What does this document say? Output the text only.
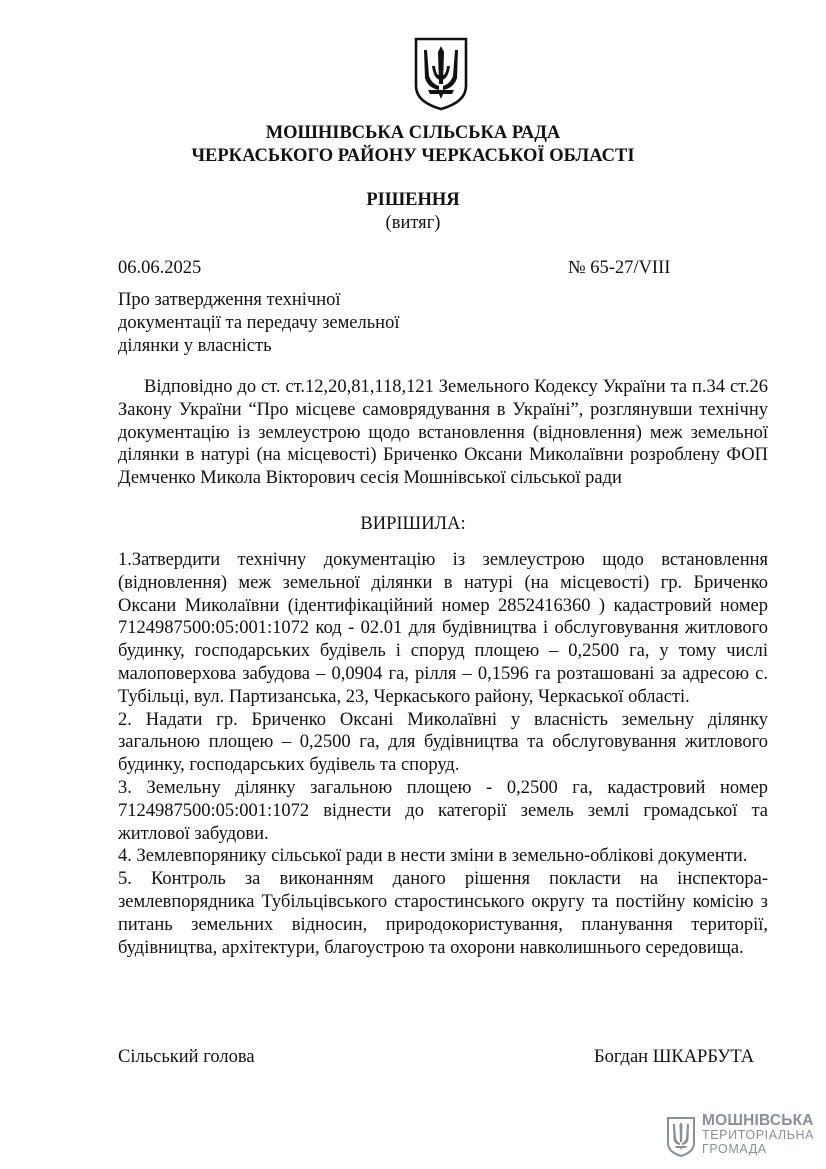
МОШНІВСЬКА СІЛЬСЬКА РАДА
ЧЕРКАСЬКОГО РАЙОНУ ЧЕРКАСЬКОЇ ОБЛАСТІ
РІШЕННЯ
(витяг)
06.06.2025	№ 65-27/VIII
Про затвердження технічної
документації та передачу земельної
ділянки у власність
Відповідно до ст. ст.12,20,81,118,121 Земельного Кодексу України та п.34 ст.26 Закону України “Про місцеве самоврядування в Україні”, розглянувши технічну документацію із землеустрою щодо встановлення (відновлення) меж земельної ділянки в натурі (на місцевості) Бриченко Оксани Миколаївни розроблену ФОП Демченко Микола Вікторович сесія Мошнівської сільської ради
ВИРІШИЛА:

1.Затвердити технічну документацію із землеустрою щодо встановлення (відновлення) меж земельної ділянки в натурі (на місцевості) гр. Бриченко Оксани Миколаївни (ідентифікаційний номер 2852416360 ) кадастровий номер 7124987500:05:001:1072 код - 02.01 для будівництва і обслуговування житлового будинку, господарських будівель і споруд площею – 0,2500 га, у тому числі малоповерхова забудова – 0,0904 га, рілля – 0,1596 га розташовані за адресою с. Тубільці, вул. Партизанська, 23, Черкаського району, Черкаської області.

2. Надати гр. Бриченко Оксані Миколаївні у власність земельну ділянку загальною площею – 0,2500 га, для будівництва та обслуговування житлового будинку, господарських будівель та споруд.

3. Земельну ділянку загальною площею - 0,2500 га, кадастровий номер 7124987500:05:001:1072 віднести до категорії земель землі громадської та житлової забудови.

4. Землевпорянику сільської ради в нести зміни в земельно-облікові документи.

5. Контроль за виконанням даного рішення покласти на інспектора-землевпорядника Тубільцівського старостинського округу та постійну комісію з питань земельних відносин, природокористування, планування території, будівництва, архітектури, благоустрою та охорони навколишнього середовища.

Сільський голова	Богдан ШКАРБУТА
МОШНІВСЬКА
ТЕРИТОРІАЛЬНА
ГРОМАДА
